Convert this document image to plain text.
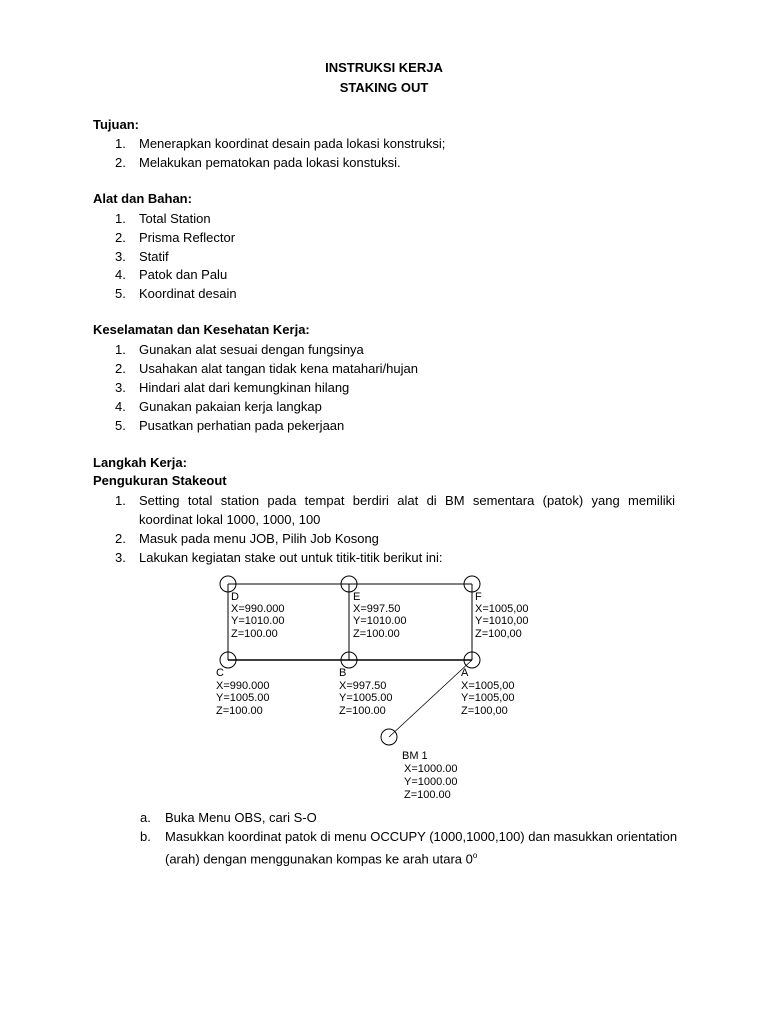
INSTRUKSI KERJA
STAKING OUT
Tujuan:
1.	Menerapkan koordinat desain pada lokasi konstruksi;
2.	Melakukan pematokan pada lokasi konstuksi.
Alat dan Bahan:
1.	Total Station
2.	Prisma Reflector
3.	Statif
4.	Patok dan Palu
5.	Koordinat desain
Keselamatan dan Kesehatan Kerja:
1.	Gunakan alat sesuai dengan fungsinya
2.	Usahakan alat tangan tidak kena matahari/hujan
3.	Hindari alat dari kemungkinan hilang
4.	Gunakan pakaian kerja langkap
5.	Pusatkan perhatian pada pekerjaan
Langkah Kerja:
Pengukuran Stakeout
1.	Setting total station pada tempat berdiri alat di BM sementara (patok) yang memiliki
koordinat lokal 1000, 1000, 100
2.	Masuk pada menu JOB, Pilih Job Kosong
3.	Lakukan kegiatan stake out untuk titik-titik berikut ini:
D
X=990.000
Y=1010.00
Z=100.00
E
X=997.50
Y=1010.00
Z=100.00
F
X=1005,00
Y=1010,00
Z=100,00
C
X=990.000
Y=1005.00
Z=100.00
B
X=997.50
Y=1005.00
Z=100.00
A
X=1005,00
Y=1005,00
Z=100,00
BM 1
X=1000.00
Y=1000.00
Z=100.00
a. Buka Menu OBS, cari S-O
b. Masukkan koordinat patok di menu OCCUPY (1000,1000,100) dan masukkan orientation
(arah) dengan menggunakan kompas ke arah utara 0$^o$
